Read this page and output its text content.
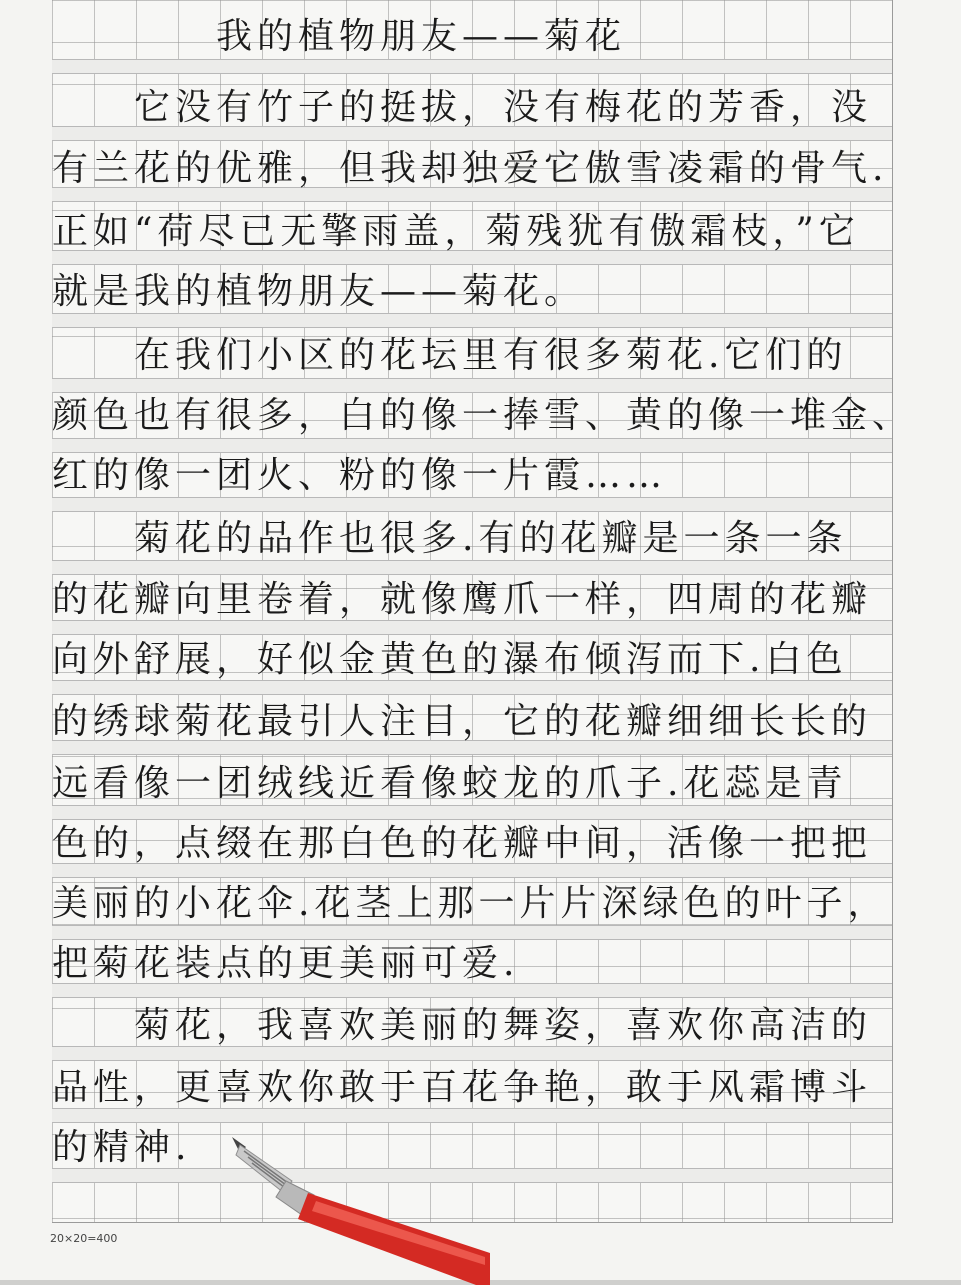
　　　　我的植物朋友——菊花
　　它没有竹子的挺拔，没有梅花的芳香，没
有兰花的优雅，但我却独爱它傲雪凌霜的骨气.
正如“荷尽已无擎雨盖，菊残犹有傲霜枝，”它
就是我的植物朋友——菊花。
　　在我们小区的花坛里有很多菊花.它们的
颜色也有很多，白的像一捧雪、黄的像一堆金、
红的像一团火、粉的像一片霞……
　　菊花的品作也很多.有的花瓣是一条一条
的花瓣向里卷着，就像鹰爪一样，四周的花瓣
向外舒展，好似金黄色的瀑布倾泻而下.白色
的绣球菊花最引人注目，它的花瓣细细长长的
远看像一团绒线近看像蛟龙的爪子.花蕊是青
色的，点缀在那白色的花瓣中间，活像一把把
美丽的小花伞.花茎上那一片片深绿色的叶子，
把菊花装点的更美丽可爱.
　　菊花，我喜欢美丽的舞姿，喜欢你高洁的
品性，更喜欢你敢于百花争艳，敢于风霜博斗
的精神.
20×20=400
